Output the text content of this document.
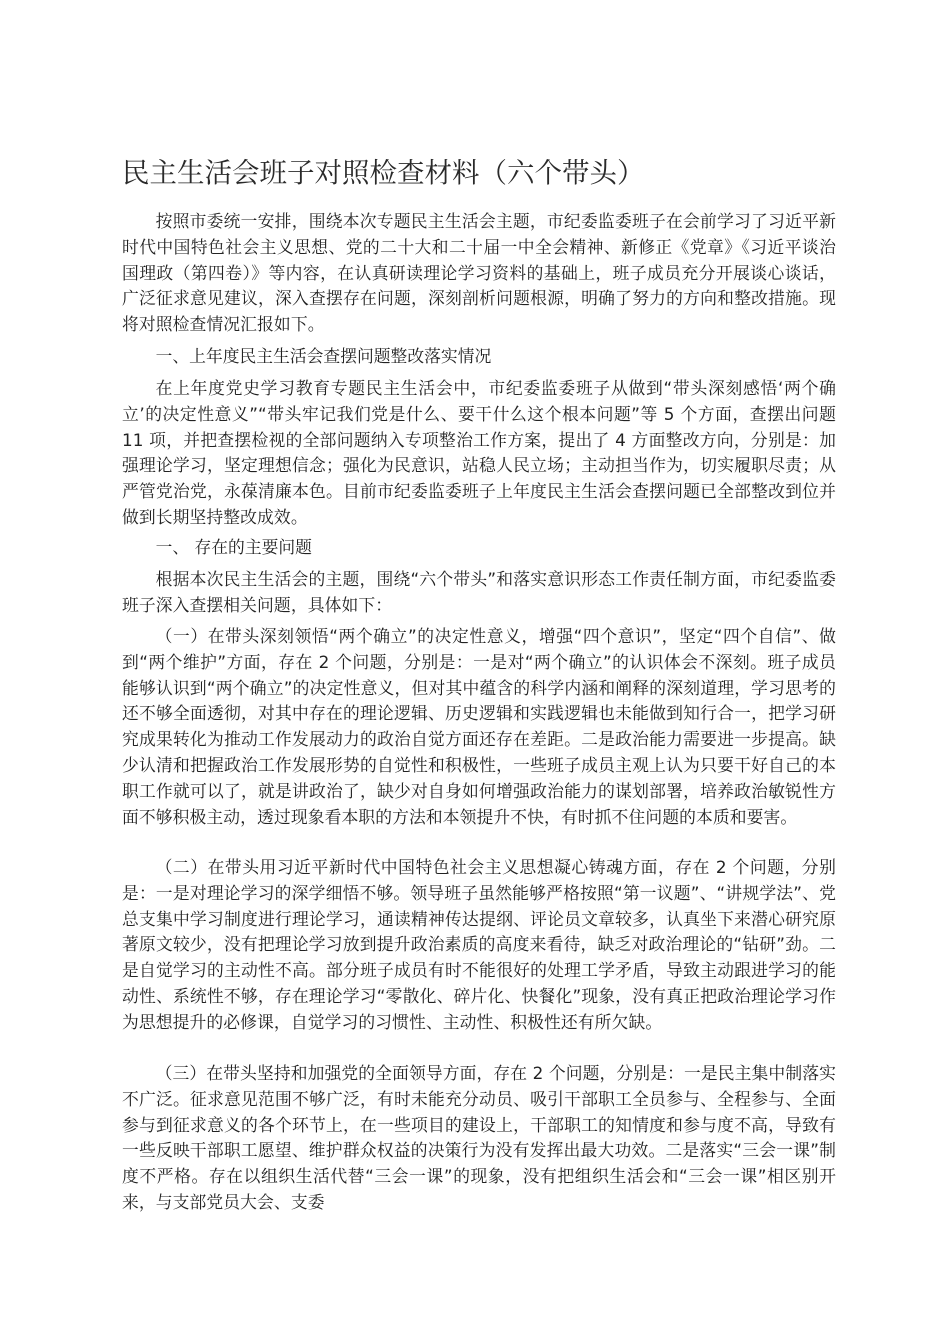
民主生活会班子对照检查材料（六个带头）

按照市委统一安排，围绕本次专题民主生活会主题，市纪委监委班子在会前学习了习近平新时代中国特色社会主义思想、党的二十大和二十届一中全会精神、新修正《党章》《习近平谈治国理政（第四卷）》等内容，在认真研读理论学习资料的基础上，班子成员充分开展谈心谈话，广泛征求意见建议，深入查摆存在问题，深刻剖析问题根源，明确了努力的方向和整改措施。现将对照检查情况汇报如下。

一、上年度民主生活会查摆问题整改落实情况

在上年度党史学习教育专题民主生活会中，市纪委监委班子从做到“带头深刻感悟‘两个确立’的决定性意义”“带头牢记我们党是什么、要干什么这个根本问题”等 5 个方面，查摆出问题 11 项，并把查摆检视的全部问题纳入专项整治工作方案，提出了 4 方面整改方向，分别是：加强理论学习，坚定理想信念；强化为民意识，站稳人民立场；主动担当作为，切实履职尽责；从严管党治党，永葆清廉本色。目前市纪委监委班子上年度民主生活会查摆问题已全部整改到位并做到长期坚持整改成效。

一、 存在的主要问题

根据本次民主生活会的主题，围绕“六个带头”和落实意识形态工作责任制方面，市纪委监委班子深入查摆相关问题，具体如下：

（一）在带头深刻领悟“两个确立”的决定性意义，增强“四个意识”，坚定“四个自信”、做到“两个维护”方面，存在 2 个问题，分别是：一是对“两个确立”的认识体会不深刻。班子成员能够认识到“两个确立”的决定性意义，但对其中蕴含的科学内涵和阐释的深刻道理，学习思考的还不够全面透彻，对其中存在的理论逻辑、历史逻辑和实践逻辑也未能做到知行合一，把学习研究成果转化为推动工作发展动力的政治自觉方面还存在差距。二是政治能力需要进一步提高。缺少认清和把握政治工作发展形势的自觉性和积极性，一些班子成员主观上认为只要干好自己的本职工作就可以了，就是讲政治了，缺少对自身如何增强政治能力的谋划部署，培养政治敏锐性方面不够积极主动，透过现象看本职的方法和本领提升不快，有时抓不住问题的本质和要害。

（二）在带头用习近平新时代中国特色社会主义思想凝心铸魂方面，存在 2 个问题，分别是：一是对理论学习的深学细悟不够。领导班子虽然能够严格按照“第一议题”、“讲规学法”、党总支集中学习制度进行理论学习，通读精神传达提纲、评论员文章较多，认真坐下来潜心研究原著原文较少，没有把理论学习放到提升政治素质的高度来看待，缺乏对政治理论的“钻研”劲。二是自觉学习的主动性不高。部分班子成员有时不能很好的处理工学矛盾，导致主动跟进学习的能动性、系统性不够，存在理论学习“零散化、碎片化、快餐化”现象，没有真正把政治理论学习作为思想提升的必修课，自觉学习的习惯性、主动性、积极性还有所欠缺。

（三）在带头坚持和加强党的全面领导方面，存在 2 个问题，分别是：一是民主集中制落实不广泛。征求意见范围不够广泛，有时未能充分动员、吸引干部职工全员参与、全程参与、全面参与到征求意义的各个环节上，在一些项目的建设上，干部职工的知情度和参与度不高，导致有一些反映干部职工愿望、维护群众权益的决策行为没有发挥出最大功效。二是落实“三会一课”制度不严格。存在以组织生活代替“三会一课”的现象，没有把组织生活会和“三会一课”相区别开来，与支部党员大会、支委
